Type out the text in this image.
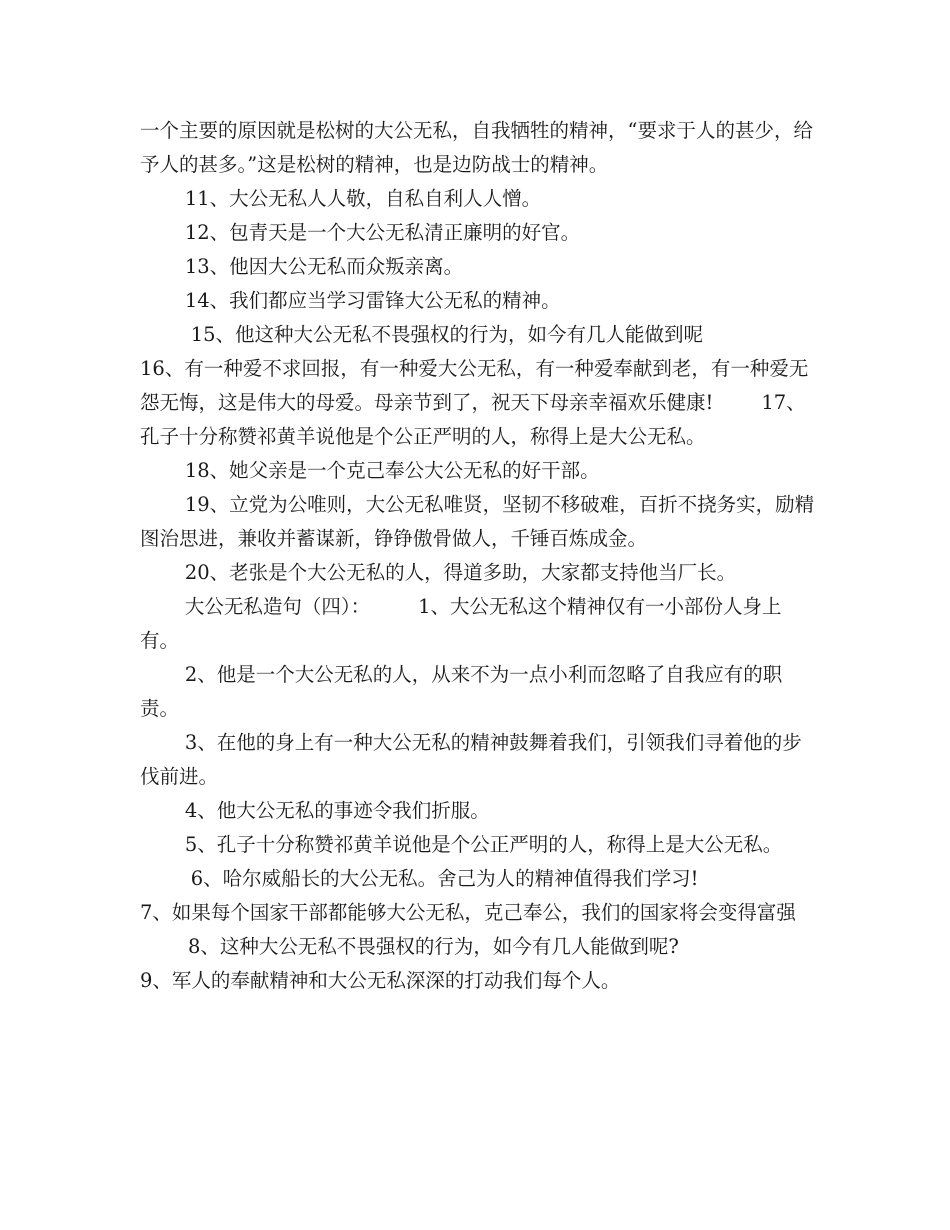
一个主要的原因就是松树的大公无私，自我牺牲的精神，“要求于人的甚少，给予人的甚多。”这是松树的精神，也是边防战士的精神。

11、大公无私人人敬，自私自利人人憎。

12、包青天是一个大公无私清正廉明的好官。

13、他因大公无私而众叛亲离。

14、我们都应当学习雷锋大公无私的精神。

15、他这种大公无私不畏强权的行为，如今有几人能做到呢

16、有一种爱不求回报，有一种爱大公无私，有一种爱奉献到老，有一种爱无怨无悔，这是伟大的母爱。母亲节到了，祝天下母亲幸福欢乐健康! 17、孔子十分称赞祁黄羊说他是个公正严明的人，称得上是大公无私。

18、她父亲是一个克己奉公大公无私的好干部。

19、立党为公唯则，大公无私唯贤，坚韧不移破难，百折不挠务实，励精图治思进，兼收并蓄谋新，铮铮傲骨做人，千锤百炼成金。

20、老张是个大公无私的人，得道多助，大家都支持他当厂长。

大公无私造句（四）： 1、大公无私这个精神仅有一小部份人身上有。

2、他是一个大公无私的人，从来不为一点小利而忽略了自我应有的职责。

3、在他的身上有一种大公无私的精神鼓舞着我们，引领我们寻着他的步伐前进。

4、他大公无私的事迹令我们折服。

5、孔子十分称赞祁黄羊说他是个公正严明的人，称得上是大公无私。

6、哈尔威船长的大公无私。舍己为人的精神值得我们学习!

7、如果每个国家干部都能够大公无私，克己奉公，我们的国家将会变得富强8、这种大公无私不畏强权的行为，如今有几人能做到呢?

9、军人的奉献精神和大公无私深深的打动我们每个人。
